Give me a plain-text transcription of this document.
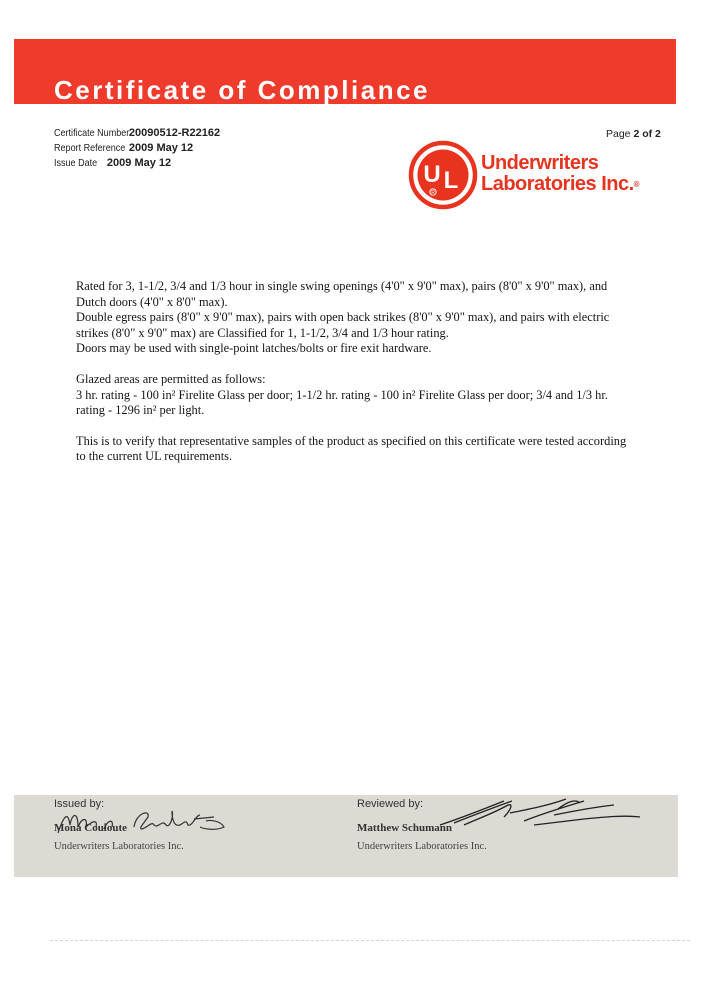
Certificate of Compliance
Certificate Number 20090512-R22162
Report Reference 2009 May 12
Issue Date 2009 May 12
Page 2 of 2
U L
R
Underwriters
Laboratories Inc.®

Rated for 3, 1-1/2, 3/4 and 1/3 hour in single swing openings (4'0" x 9'0" max), pairs (8'0" x 9'0" max), and Dutch doors (4'0" x 8'0" max).

Double egress pairs (8'0" x 9'0" max), pairs with open back strikes (8'0" x 9'0" max), and pairs with electric strikes (8'0" x 9'0" max) are Classified for 1, 1-1/2, 3/4 and 1/3 hour rating.

Doors may be used with single-point latches/bolts or fire exit hardware.

Glazed areas are permitted as follows:

3 hr. rating - 100 in² Firelite Glass per door; 1-1/2 hr. rating - 100 in² Firelite Glass per door; 3/4 and 1/3 hr. rating - 1296 in² per light.

This is to verify that representative samples of the product as specified on this certificate were tested according to the current UL requirements.

Issued by:
Mona Couloute
Underwriters Laboratories Inc.
Reviewed by:
Matthew Schumann
Underwriters Laboratories Inc.
